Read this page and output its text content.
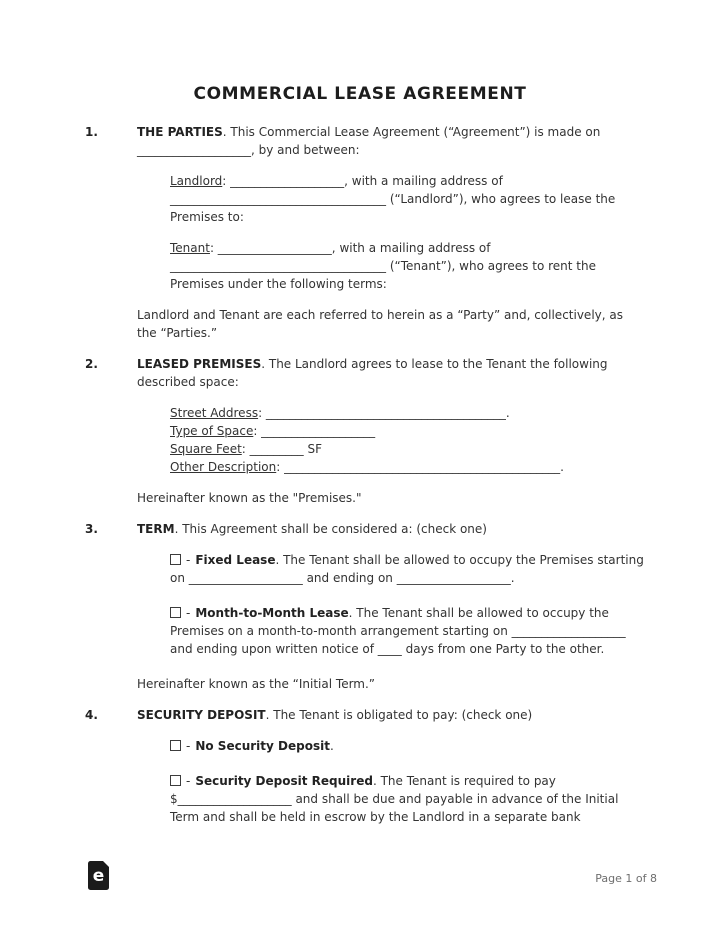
COMMERCIAL LEASE AGREEMENT
1.	THE PARTIES. This Commercial Lease Agreement (“Agreement”) is made on ___________________, by and between:

Landlord: ___________________, with a mailing address of ____________________________________ (“Landlord”), who agrees to lease the Premises to:

Tenant: ___________________, with a mailing address of ____________________________________ (“Tenant”), who agrees to rent the Premises under the following terms:

Landlord and Tenant are each referred to herein as a “Party” and, collectively, as the “Parties.”

2.	LEASED PREMISES. The Landlord agrees to lease to the Tenant the following described space:

Street Address: ________________________________________.
Type of Space: ___________________
Square Feet: _________ SF
Other Description: ______________________________________________.

Hereinafter known as the "Premises."

3.	TERM. This Agreement shall be considered a: (check one)

- Fixed Lease. The Tenant shall be allowed to occupy the Premises starting on ___________________ and ending on ___________________.

- Month-to-Month Lease. The Tenant shall be allowed to occupy the Premises on a month-to-month arrangement starting on ___________________ and ending upon written notice of ____ days from one Party to the other.

Hereinafter known as the “Initial Term.”

4.	SECURITY DEPOSIT. The Tenant is obligated to pay: (check one)

- No Security Deposit.

- Security Deposit Required. The Tenant is required to pay $___________________ and shall be due and payable in advance of the Initial Term and shall be held in escrow by the Landlord in a separate bank

e	Page 1 of 8
